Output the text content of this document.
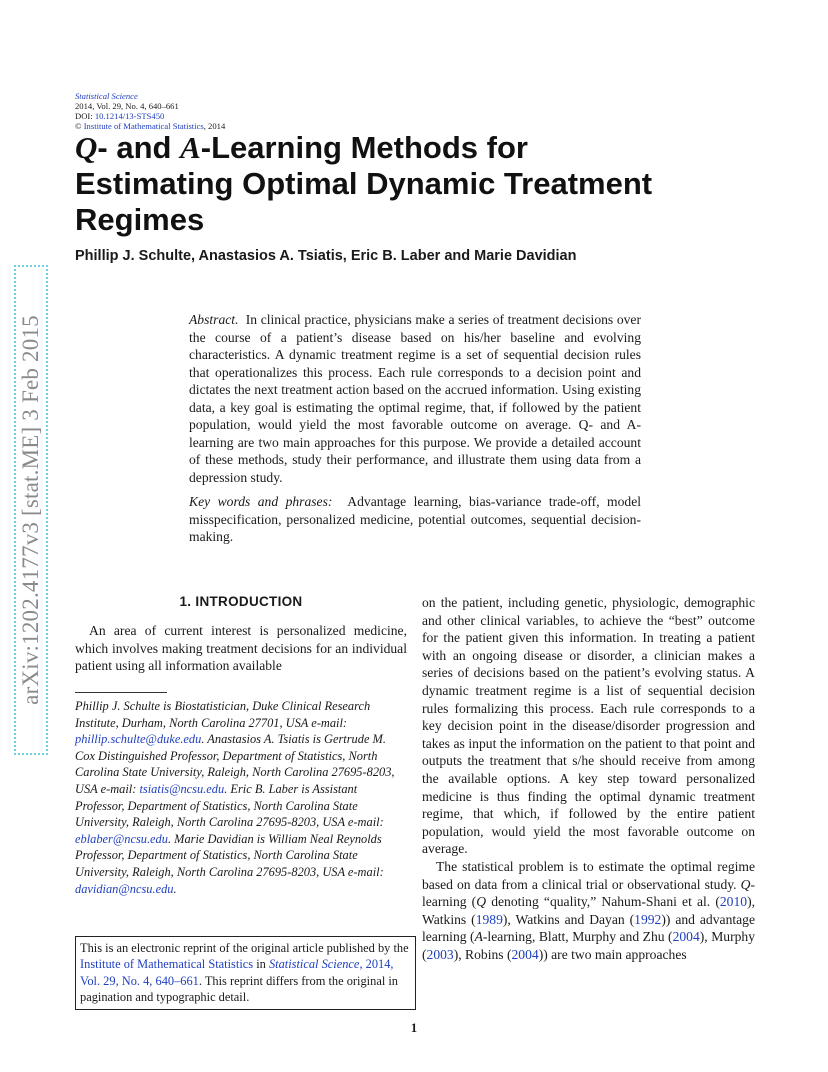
arXiv:1202.4177v3 [stat.ME] 3 Feb 2015
Statistical Science
2014, Vol. 29, No. 4, 640–661
DOI: 10.1214/13-STS450
© Institute of Mathematical Statistics, 2014
Q- and A-Learning Methods for Estimating Optimal Dynamic Treatment Regimes
Phillip J. Schulte, Anastasios A. Tsiatis, Eric B. Laber and Marie Davidian

Abstract. In clinical practice, physicians make a series of treatment decisions over the course of a patient’s disease based on his/her baseline and evolving characteristics. A dynamic treatment regime is a set of sequential decision rules that operationalizes this process. Each rule corresponds to a decision point and dictates the next treatment action based on the accrued information. Using existing data, a key goal is estimating the optimal regime, that, if followed by the patient population, would yield the most favorable outcome on average. Q- and A-learning are two main approaches for this purpose. We provide a detailed account of these methods, study their performance, and illustrate them using data from a depression study.

Key words and phrases: Advantage learning, bias-variance trade-off, model misspecification, personalized medicine, potential outcomes, sequential decision-making.

1. INTRODUCTION

An area of current interest is personalized medicine, which involves making treatment decisions for an individual patient using all information available

Phillip J. Schulte is Biostatistician, Duke Clinical Research Institute, Durham, North Carolina 27701, USA e-mail: phillip.schulte@duke.edu. Anastasios A. Tsiatis is Gertrude M. Cox Distinguished Professor, Department of Statistics, North Carolina State University, Raleigh, North Carolina 27695-8203, USA e-mail: tsiatis@ncsu.edu. Eric B. Laber is Assistant Professor, Department of Statistics, North Carolina State University, Raleigh, North Carolina 27695-8203, USA e-mail: eblaber@ncsu.edu. Marie Davidian is William Neal Reynolds Professor, Department of Statistics, North Carolina State University, Raleigh, North Carolina 27695-8203, USA e-mail: davidian@ncsu.edu.
This is an electronic reprint of the original article published by the Institute of Mathematical Statistics in Statistical Science, 2014, Vol. 29, No. 4, 640–661. This reprint differs from the original in pagination and typographic detail.

on the patient, including genetic, physiologic, demographic and other clinical variables, to achieve the “best” outcome for the patient given this information. In treating a patient with an ongoing disease or disorder, a clinician makes a series of decisions based on the patient’s evolving status. A dynamic treatment regime is a list of sequential decision rules formalizing this process. Each rule corresponds to a key decision point in the disease/disorder progression and takes as input the information on the patient to that point and outputs the treatment that s/he should receive from among the available options. A key step toward personalized medicine is thus finding the optimal dynamic treatment regime, that which, if followed by the entire patient population, would yield the most favorable outcome on average.

The statistical problem is to estimate the optimal regime based on data from a clinical trial or observational study. Q-learning (Q denoting “quality,” Nahum-Shani et al. (2010), Watkins (1989), Watkins and Dayan (1992)) and advantage learning (A-learning, Blatt, Murphy and Zhu (2004), Murphy (2003), Robins (2004)) are two main approaches

1
